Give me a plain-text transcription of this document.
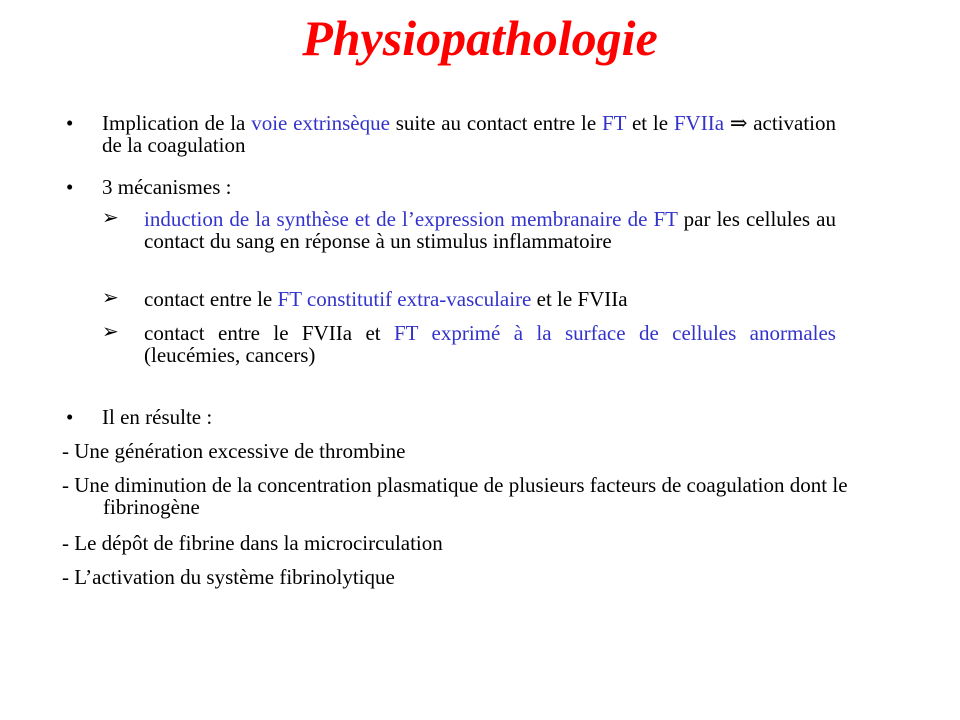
Physiopathologie
• Implication de la voie extrinsèque suite au contact entre le FT et le FVIIa ⇒ activation de la coagulation
• 3 mécanismes :
➢ induction de la synthèse et de l’expression membranaire de FT par les cellules au contact du sang en réponse à un stimulus inflammatoire
➢ contact entre le FT constitutif extra-vasculaire et le FVIIa
➢ contact entre le FVIIa et FT exprimé à la surface de cellules anormales (leucémies, cancers)
• Il en résulte :
- Une génération excessive de thrombine
- Une diminution de la concentration plasmatique de plusieurs facteurs de coagulation dont le fibrinogène
- Le dépôt de fibrine dans la microcirculation
- L’activation du système fibrinolytique
